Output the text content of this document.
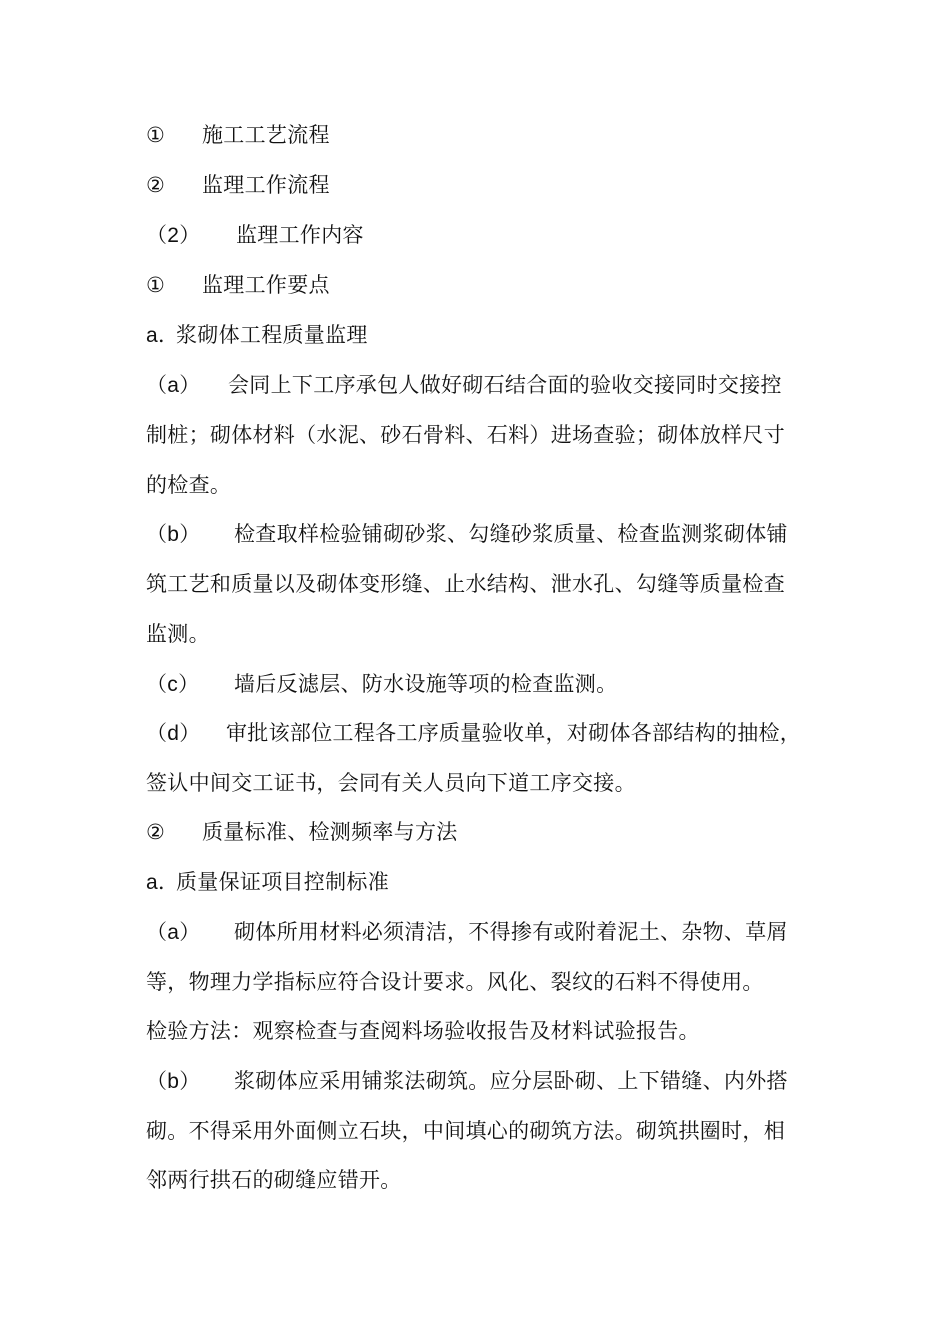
① 施工工艺流程
② 监理工作流程
（2） 监理工作内容
① 监理工作要点
a．浆砌体工程质量监理
（a） 会同上下工序承包人做好砌石结合面的验收交接同时交接控
制桩；砌体材料（水泥、砂石骨料、石料）进场查验；砌体放样尺寸
的检查。
（b） 检查取样检验铺砌砂浆、勾缝砂浆质量、检查监测浆砌体铺
筑工艺和质量以及砌体变形缝、止水结构、泄水孔、勾缝等质量检查
监测。
（c） 墙后反滤层、防水设施等项的检查监测。
（d） 审批该部位工程各工序质量验收单，对砌体各部结构的抽检，
签认中间交工证书，会同有关人员向下道工序交接。
② 质量标准、检测频率与方法
a．质量保证项目控制标准
（a） 砌体所用材料必须清洁，不得掺有或附着泥土、杂物、草屑
等，物理力学指标应符合设计要求。风化、裂纹的石料不得使用。
检验方法：观察检查与查阅料场验收报告及材料试验报告。
（b） 浆砌体应采用铺浆法砌筑。应分层卧砌、上下错缝、内外搭
砌。不得采用外面侧立石块，中间填心的砌筑方法。砌筑拱圈时，相
邻两行拱石的砌缝应错开。
